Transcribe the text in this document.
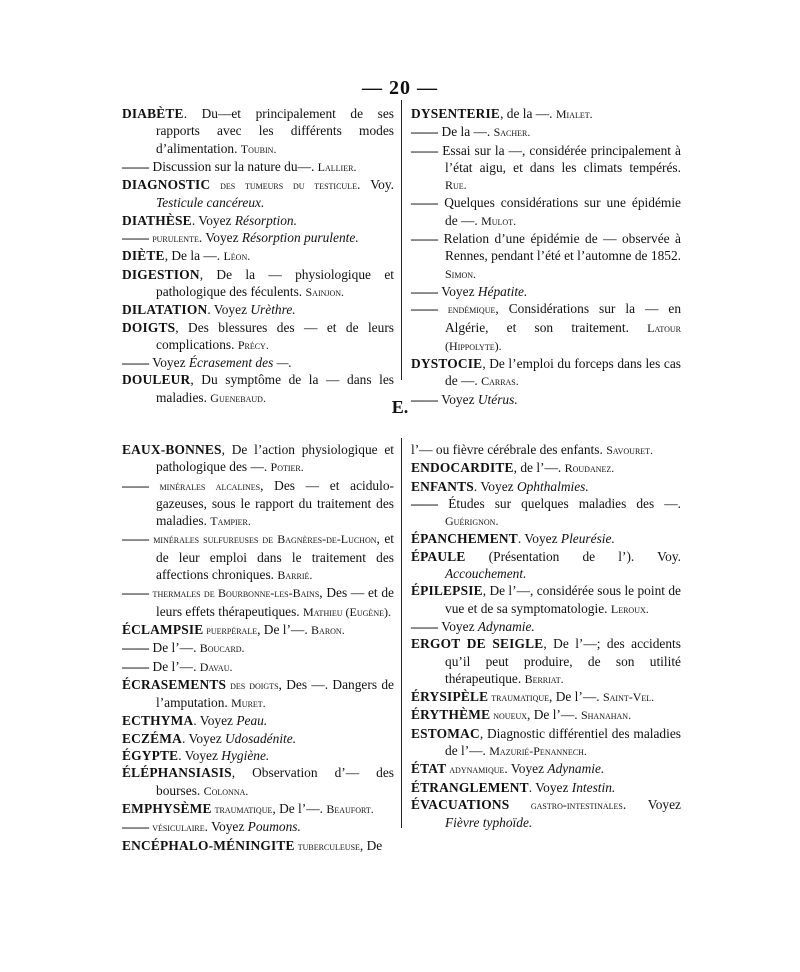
— 20 —
DIABÈTE. Du—et principalement de ses rapports avec les différents modes d’alimentation. Toubin.
—— Discussion sur la nature du—. Lallier.
DIAGNOSTIC des tumeurs du testicule. Voy. Testicule cancéreux.
DIATHÈSE. Voyez Résorption.
—— purulente. Voyez Résorption purulente.
DIÈTE, De la —. Léon.
DIGESTION, De la — physiologique et pathologique des féculents. Sainjon.
DILATATION. Voyez Urèthre.
DOIGTS, Des blessures des — et de leurs complications. Précy.
—— Voyez Écrasement des —.
DOULEUR, Du symptôme de la — dans les maladies. Guenebaud.
DYSENTERIE, de la —. Mialet.
—— De la —. Sacher.
—— Essai sur la —, considérée principalement à l’état aigu, et dans les climats tempérés. Rue.
—— Quelques considérations sur une épidémie de —. Mulot.
—— Relation d’une épidémie de — observée à Rennes, pendant l’été et l’automne de 1852. Simon.
—— Voyez Hépatite.
—— endémique, Considérations sur la — en Algérie, et son traitement. Latour (Hippolyte).
DYSTOCIE, De l’emploi du forceps dans les cas de —. Carras.
—— Voyez Utérus.
E.
EAUX-BONNES, De l’action physiologique et pathologique des —. Potier.
—— minérales alcalines, Des — et acidulo-gazeuses, sous le rapport du traitement des maladies. Tampier.
—— minérales sulfureuses de Bagnères-de-Luchon, et de leur emploi dans le traitement des affections chroniques. Barrié.
—— thermales de Bourbonne-les-Bains, Des — et de leurs effets thérapeutiques. Mathieu (Eugène).
ÉCLAMPSIE puerpérale, De l’—. Baron.
—— De l’—. Boucard.
—— De l’—. Davau.
ÉCRASEMENTS des doigts, Des —. Dangers de l’amputation. Muret.
ECTHYMA. Voyez Peau.
ECZÉMA. Voyez Udosadénite.
ÉGYPTE. Voyez Hygiène.
ÉLÉPHANSIASIS, Observation d’— des bourses. Colonna.
EMPHYSÈME traumatique, De l’—. Beaufort.
—— vésiculaire. Voyez Poumons.
ENCÉPHALO-MÉNINGITE tuberculeuse, De
l’— ou fièvre cérébrale des enfants. Savouret.
ENDOCARDITE, de l’—. Roudanez.
ENFANTS. Voyez Ophthalmies.
—— Études sur quelques maladies des —. Guérignon.
ÉPANCHEMENT. Voyez Pleurésie.
ÉPAULE (Présentation de l’). Voy. Accouchement.
ÉPILEPSIE, De l’—, considérée sous le point de vue et de sa symptomatologie. Leroux.
—— Voyez Adynamie.
ERGOT DE SEIGLE, De l’—; des accidents qu’il peut produire, de son utilité thérapeutique. Berriat.
ÉRYSIPÈLE traumatique, De l’—. Saint-Vel.
ÉRYTHÈME noueux, De l’—. Shanahan.
ESTOMAC, Diagnostic différentiel des maladies de l’—. Mazurié-Penannech.
ÉTAT adynamique. Voyez Adynamie.
ÉTRANGLEMENT. Voyez Intestin.
ÉVACUATIONS gastro-intestinales. Voyez Fièvre typhoïde.
